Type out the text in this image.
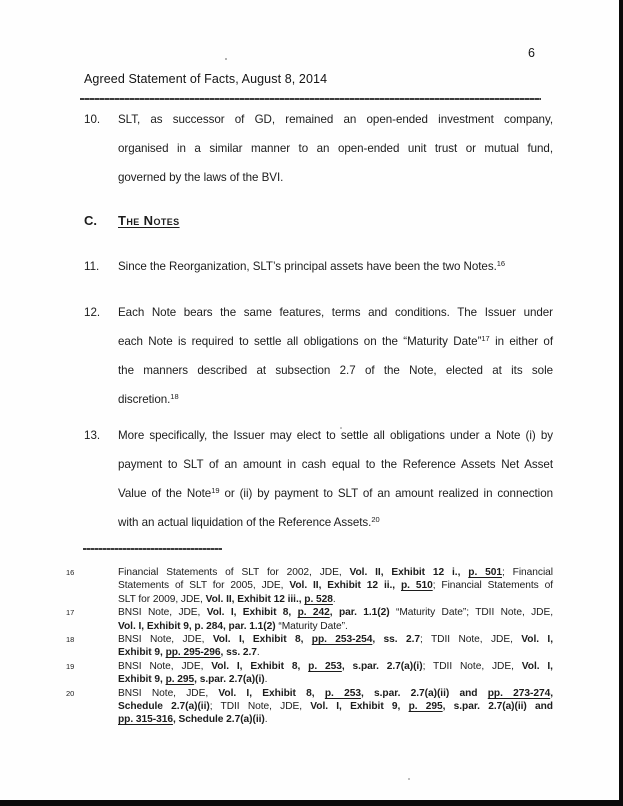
6
Agreed Statement of Facts, August 8, 2014
10.	SLT, as successor of GD, remained an open-ended investment company,
organised in a similar manner to an open-ended unit trust or mutual fund,
governed by the laws of the BVI.
11.	Since the Reorganization, SLT’s principal assets have been the two Notes.$^{16}$
12.	Each Note bears the same features, terms and conditions. The Issuer under
each Note is required to settle all obligations on the “Maturity Date”$^{17}$ in either of
the manners described at subsection 2.7 of the Note, elected at its sole
discretion.$^{18}$
13.	More specifically, the Issuer may elect to settle all obligations under a Note (i) by
payment to SLT of an amount in cash equal to the Reference Assets Net Asset
Value of the Note$^{19}$ or (ii) by payment to SLT of an amount realized in connection
with an actual liquidation of the Reference Assets.$^{20}$
C. The Notes
16	Financial Statements of SLT for 2002, JDE, Vol. II, Exhibit 12 i., p. 501; Financial
Statements of SLT for 2005, JDE, Vol. II, Exhibit 12 ii., p. 510; Financial Statements of
SLT for 2009, JDE, Vol. II, Exhibit 12 iii., p. 528.
17	BNSI Note, JDE, Vol. I, Exhibit 8, p. 242, par. 1.1(2) “Maturity Date”; TDII Note, JDE,
Vol. I, Exhibit 9, p. 284, par. 1.1(2) “Maturity Date”.
18	BNSI Note, JDE, Vol. I, Exhibit 8, pp. 253-254, ss. 2.7; TDII Note, JDE, Vol. I,
Exhibit 9, pp. 295-296, ss. 2.7.
19	BNSI Note, JDE, Vol. I, Exhibit 8, p. 253, s.par. 2.7(a)(i); TDII Note, JDE, Vol. I,
Exhibit 9, p. 295, s.par. 2.7(a)(i).
20	BNSI Note, JDE, Vol. I, Exhibit 8, p. 253, s.par. 2.7(a)(ii) and pp. 273-274,
Schedule 2.7(a)(ii); TDII Note, JDE, Vol. I, Exhibit 9, p. 295, s.par. 2.7(a)(ii) and
pp. 315-316, Schedule 2.7(a)(ii).
